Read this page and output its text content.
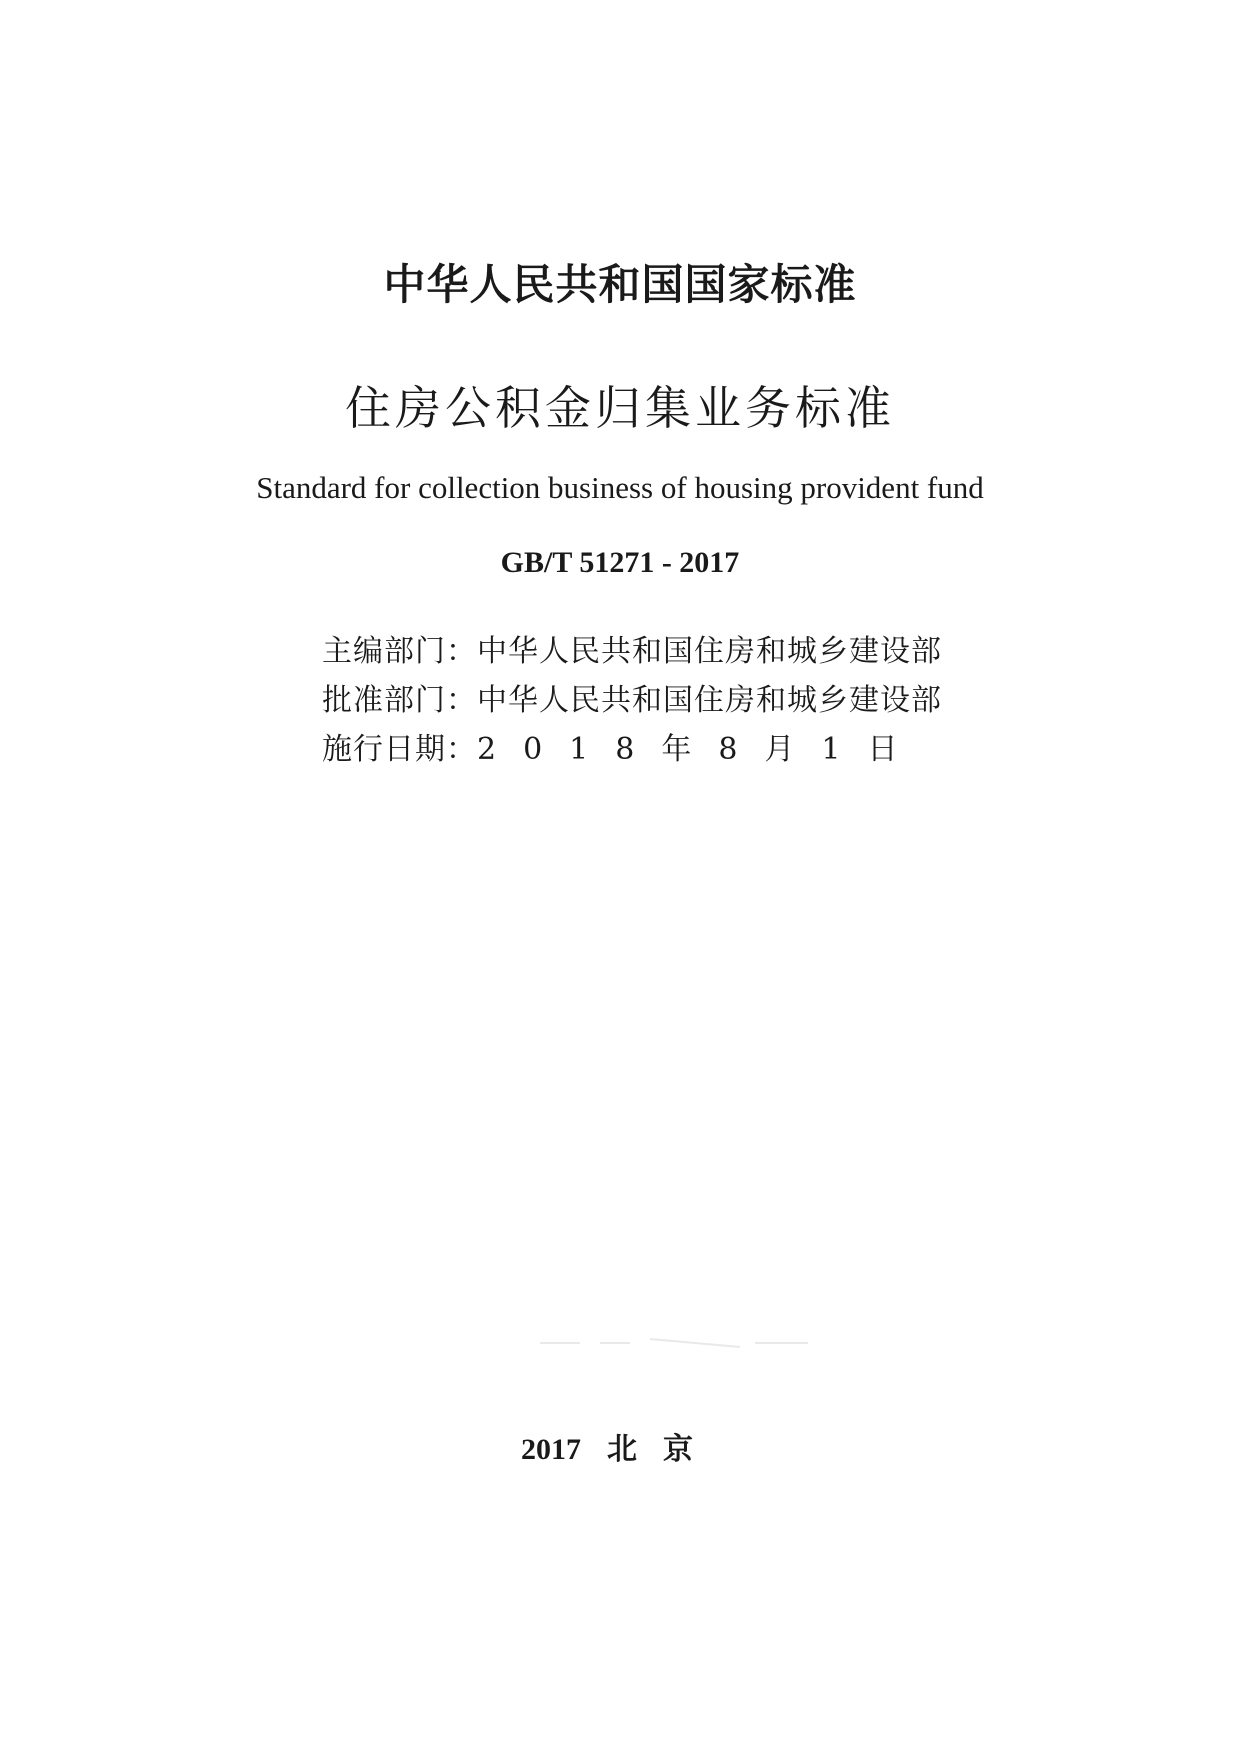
中华人民共和国国家标准
住房公积金归集业务标准
Standard for collection business of housing provident fund
GB/T 51271 - 2017
主编部门：中华人民共和国住房和城乡建设部
批准部门：中华人民共和国住房和城乡建设部
施行日期：2018年8月1日
2017 北京
